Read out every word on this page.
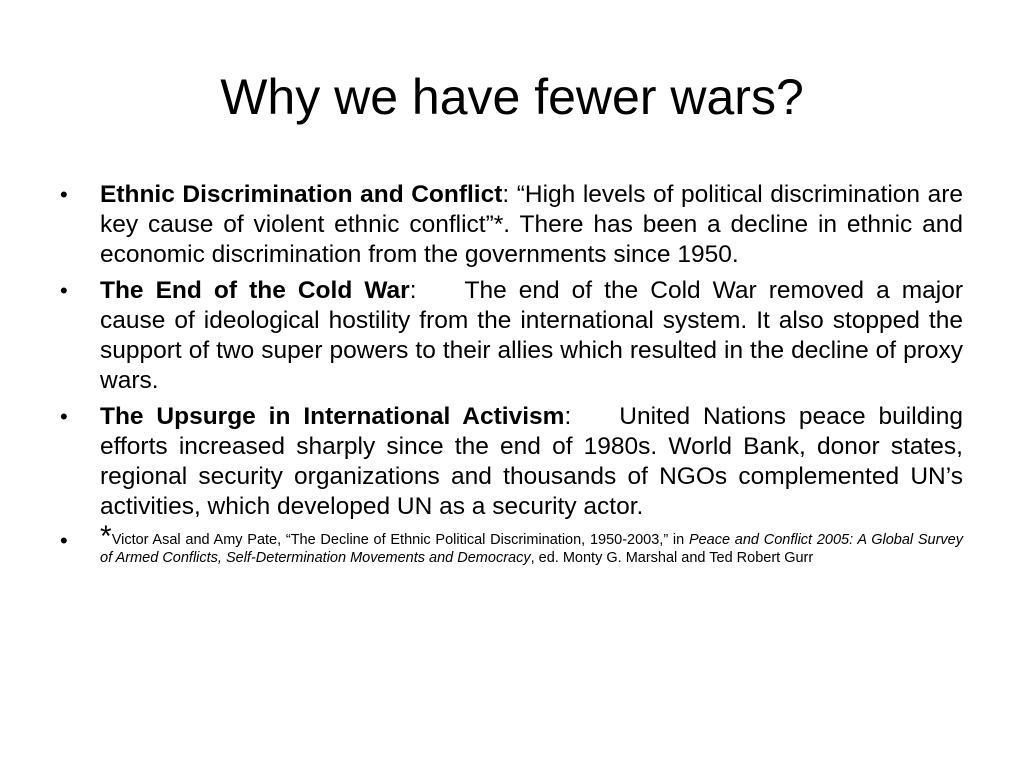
Why we have fewer wars?
• Ethnic Discrimination and Conflict: “High levels of political discrimination are key cause of violent ethnic conflict”*. There has been a decline in ethnic and economic discrimination from the governments since 1950.
• The End of the Cold War: The end of the Cold War removed a major cause of ideological hostility from the international system. It also stopped the support of two super powers to their allies which resulted in the decline of proxy wars.
• The Upsurge in International Activism: United Nations peace building efforts increased sharply since the end of 1980s. World Bank, donor states, regional security organizations and thousands of NGOs complemented UN’s activities, which developed UN as a security actor.
• *Victor Asal and Amy Pate, “The Decline of Ethnic Political Discrimination, 1950-2003,” in Peace and Conflict 2005: A Global Survey of Armed Conflicts, Self-Determination Movements and Democracy, ed. Monty G. Marshal and Ted Robert Gurr
